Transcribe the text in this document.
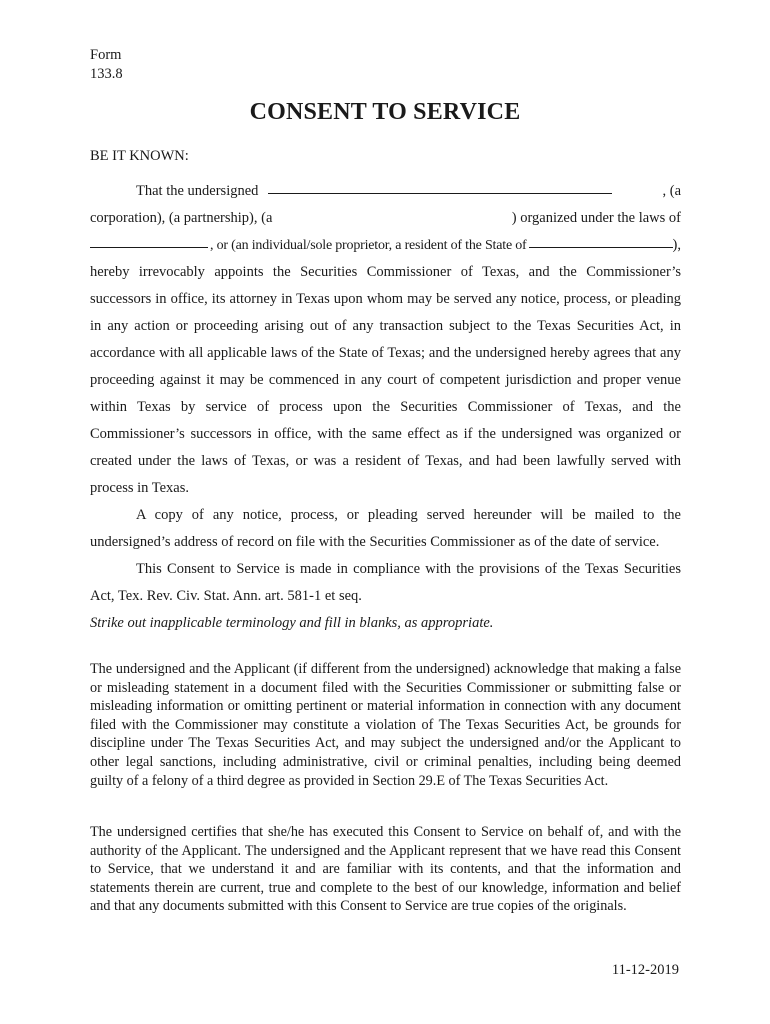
Form
133.8
CONSENT TO SERVICE
BE IT KNOWN:
That the undersigned	, (a
corporation), (a partnership), (a	) organized under the laws of
, or (an individual/sole proprietor, a resident of the State of	),

hereby irrevocably appoints the Securities Commissioner of Texas, and the Commissioner’s successors in office, its attorney in Texas upon whom may be served any notice, process, or pleading in any action or proceeding arising out of any transaction subject to the Texas Securities Act, in accordance with all applicable laws of the State of Texas; and the undersigned hereby agrees that any proceeding against it may be commenced in any court of competent jurisdiction and proper venue within Texas by service of process upon the Securities Commissioner of Texas, and the Commissioner’s successors in office, with the same effect as if the undersigned was organized or created under the laws of Texas, or was a resident of Texas, and had been lawfully served with process in Texas.

A copy of any notice, process, or pleading served hereunder will be mailed to the undersigned’s address of record on file with the Securities Commissioner as of the date of service.

This Consent to Service is made in compliance with the provisions of the Texas Securities Act, Tex. Rev. Civ. Stat. Ann. art. 581-1 et seq.

Strike out inapplicable terminology and fill in blanks, as appropriate.

The undersigned and the Applicant (if different from the undersigned) acknowledge that making a false or misleading statement in a document filed with the Securities Commissioner or submitting false or misleading information or omitting pertinent or material information in connection with any document filed with the Commissioner may constitute a violation of The Texas Securities Act, be grounds for discipline under The Texas Securities Act, and may subject the undersigned and/or the Applicant to other legal sanctions, including administrative, civil or criminal penalties, including being deemed guilty of a felony of a third degree as provided in Section 29.E of The Texas Securities Act.

The undersigned certifies that she/he has executed this Consent to Service on behalf of, and with the authority of the Applicant. The undersigned and the Applicant represent that we have read this Consent to Service, that we understand it and are familiar with its contents, and that the information and statements therein are current, true and complete to the best of our knowledge, information and belief and that any documents submitted with this Consent to Service are true copies of the originals.

11-12-2019
